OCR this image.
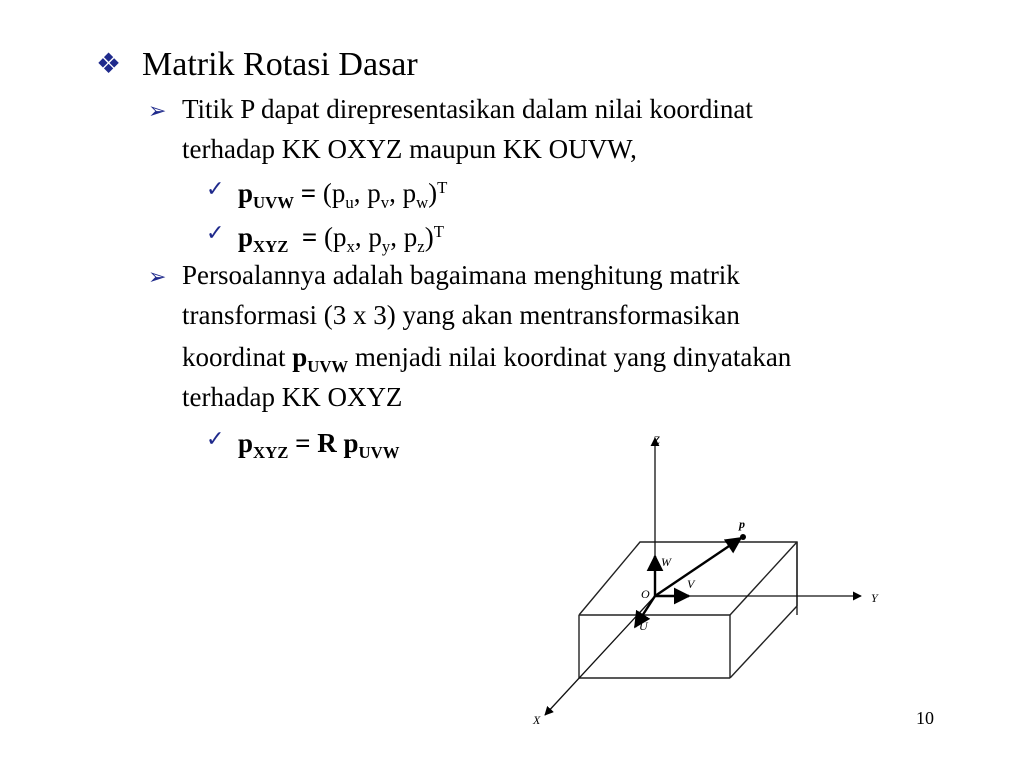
❖ Matrik Rotasi Dasar
➢ Titik P dapat direpresentasikan dalam nilai koordinat
terhadap KK OXYZ maupun KK OUVW,
✓ $p_{UVW} = (p_u$, $p_v$, $p_w)^T$
✓ $p_{XYZ} = (p_x$, $p_y$, $p_z)^T$
➢ Persoalannya adalah bagaimana menghitung matrik
transformasi (3 x 3) yang akan mentransformasikan
koordinat $p_{UVW}$ menjadi nilai koordinat yang dinyatakan
terhadap KK OXYZ
✓ $p_{XYZ} = R$ $p_{UVW}$
Z
Y
X
O
p
W
V
U
10
